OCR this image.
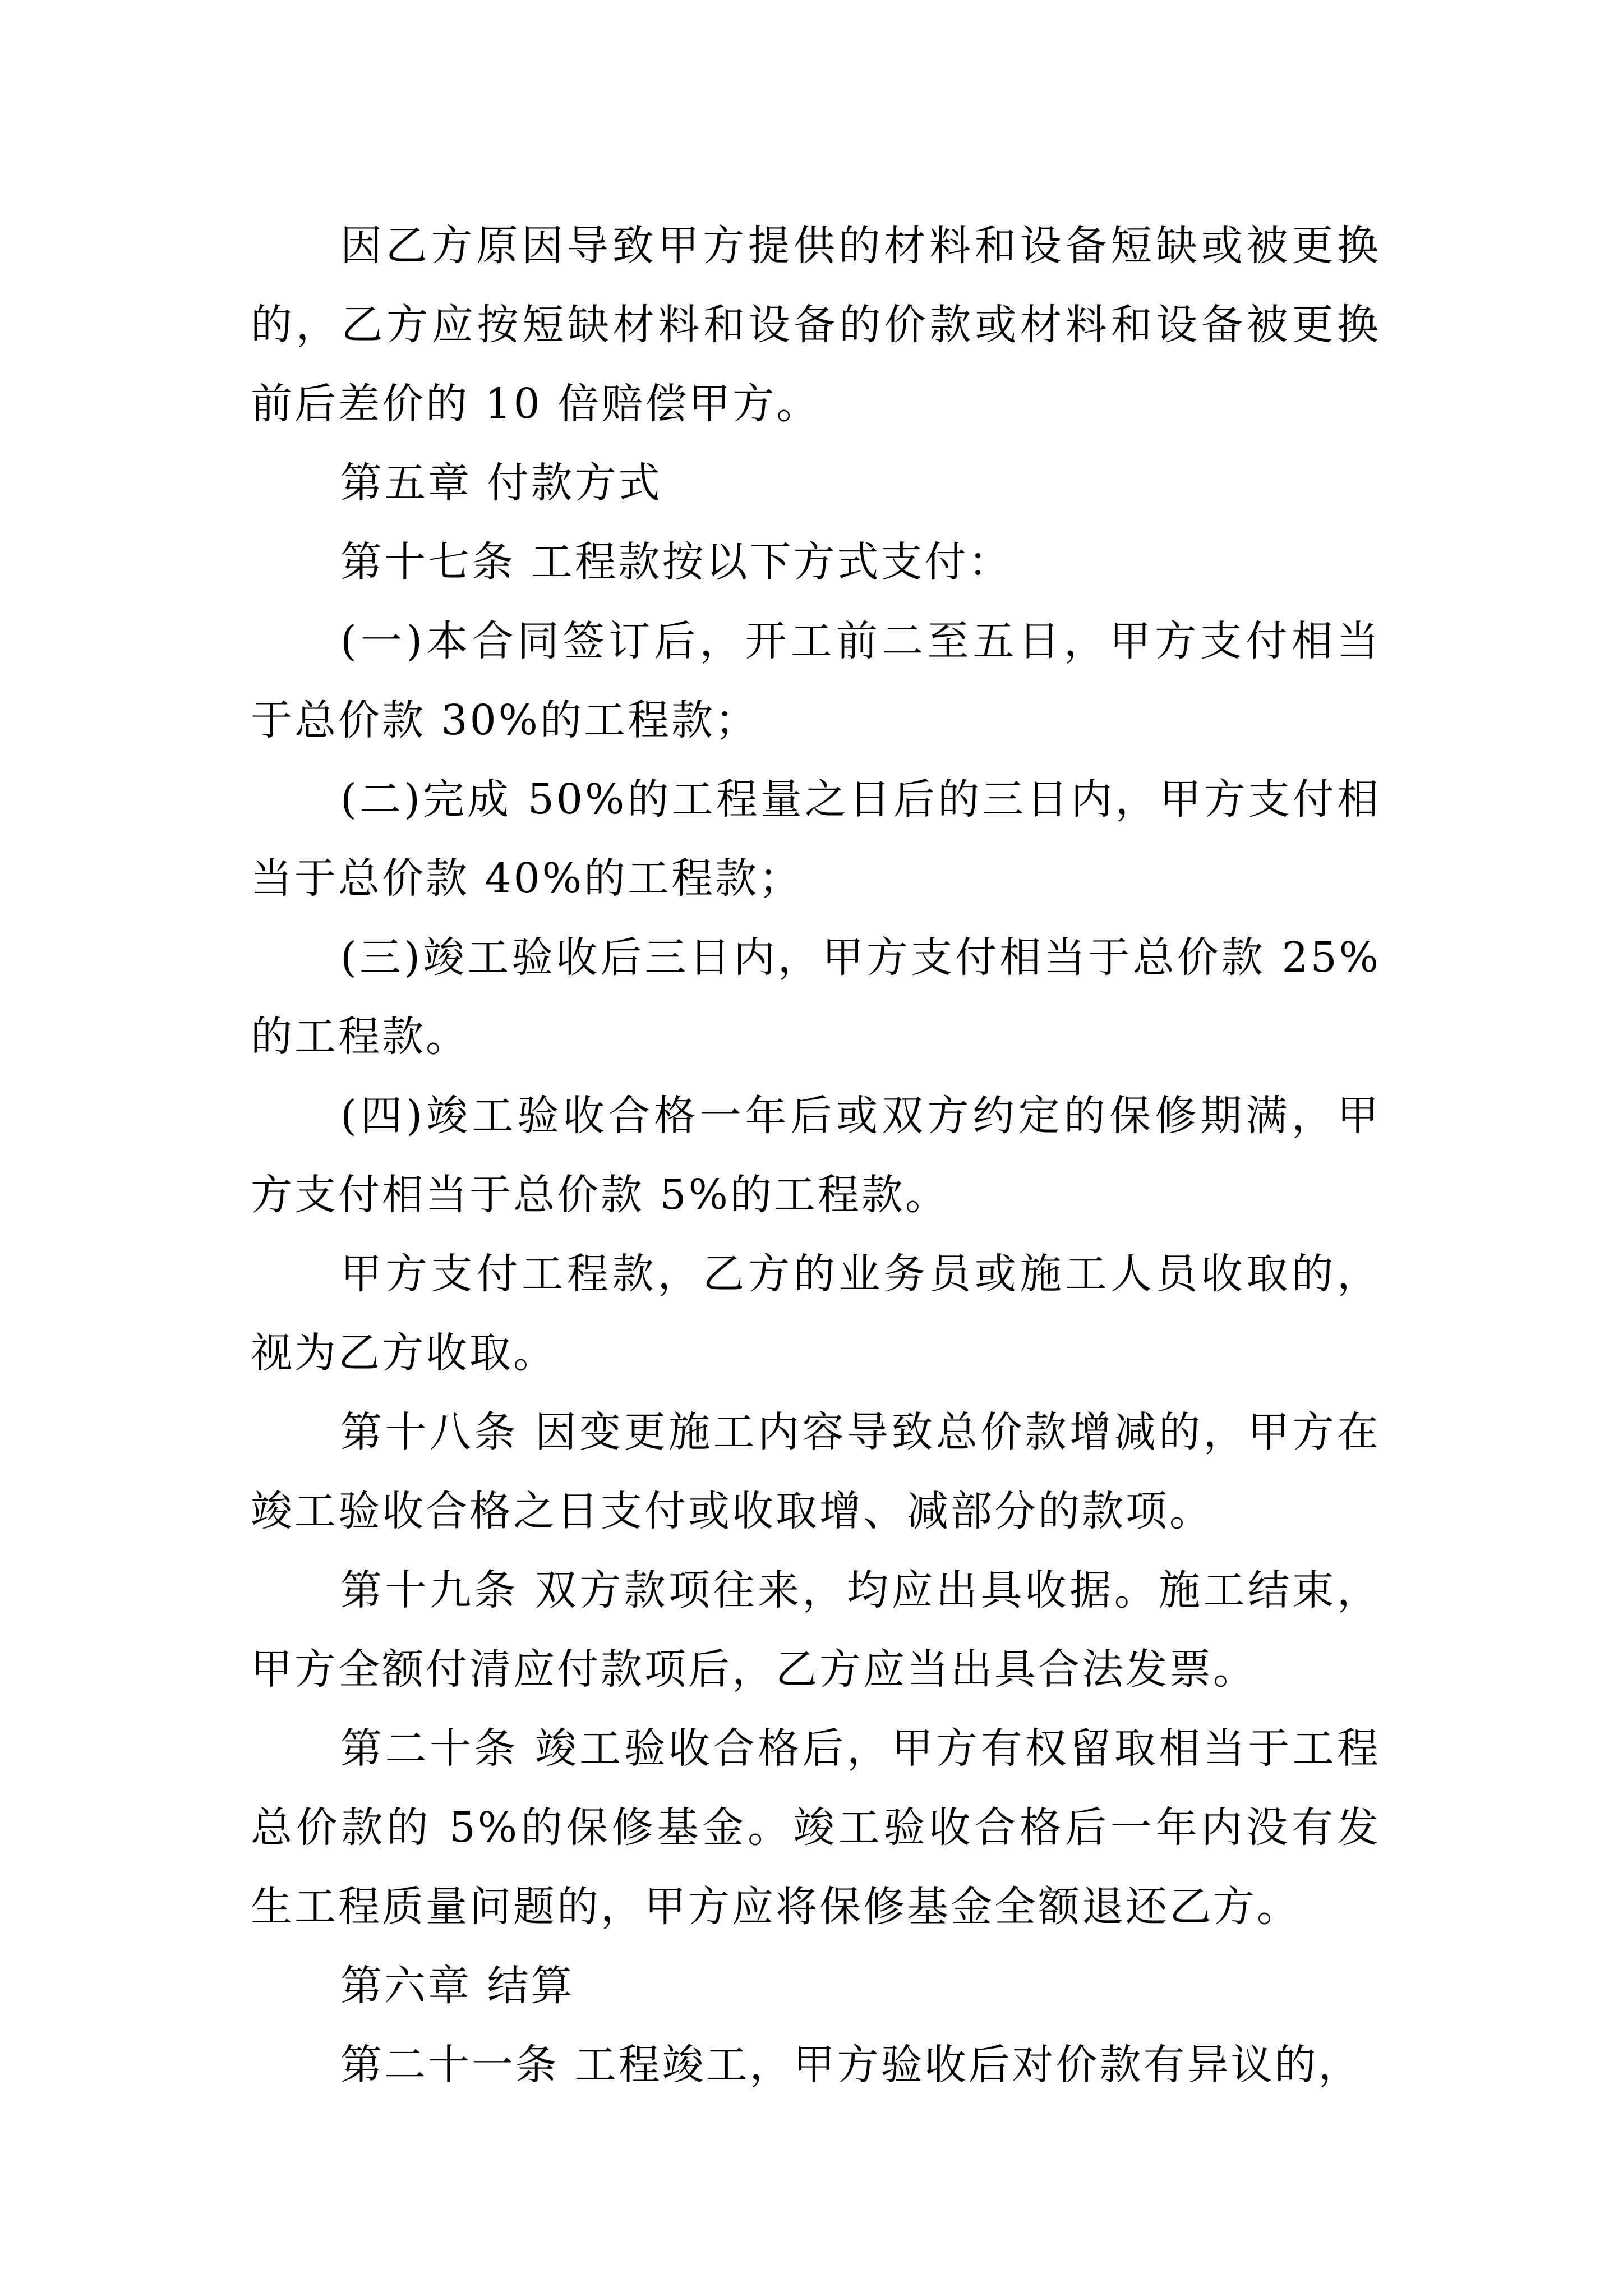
因乙方原因导致甲方提供的材料和设备短缺或被更换的，乙方应按短缺材料和设备的价款或材料和设备被更换前后差价的 10 倍赔偿甲方。

第五章 付款方式

第十七条 工程款按以下方式支付：

(一)本合同签订后，开工前二至五日，甲方支付相当于总价款 30%的工程款；

(二)完成 50%的工程量之日后的三日内，甲方支付相当于总价款 40%的工程款；

(三)竣工验收后三日内，甲方支付相当于总价款 25%的工程款。

(四)竣工验收合格一年后或双方约定的保修期满，甲方支付相当于总价款 5%的工程款。

甲方支付工程款，乙方的业务员或施工人员收取的，视为乙方收取。

第十八条 因变更施工内容导致总价款增减的，甲方在竣工验收合格之日支付或收取增、减部分的款项。

第十九条 双方款项往来，均应出具收据。施工结束，甲方全额付清应付款项后，乙方应当出具合法发票。

第二十条 竣工验收合格后，甲方有权留取相当于工程总价款的 5%的保修基金。竣工验收合格后一年内没有发生工程质量问题的，甲方应将保修基金全额退还乙方。

第六章 结算

第二十一条 工程竣工，甲方验收后对价款有异议的，
